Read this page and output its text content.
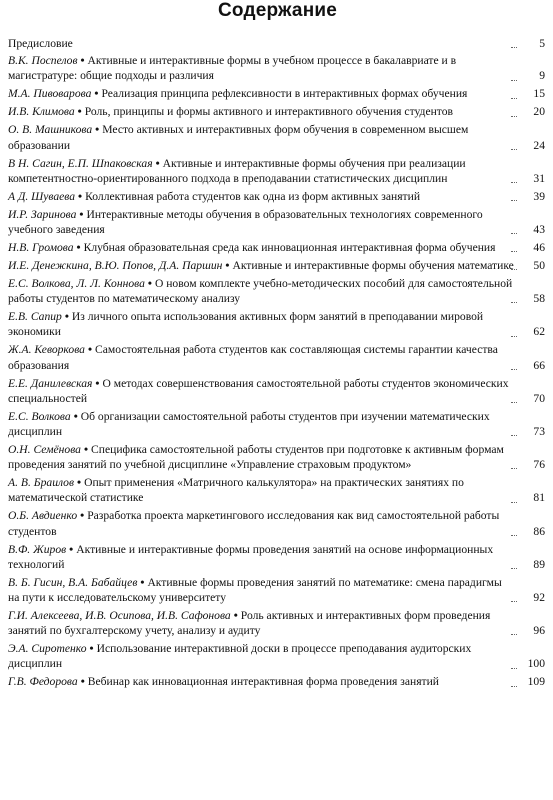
Содержание
Предисловие	5
В.К. Поспелов • Активные и интерактивные формы в учебном процессе в бакалавриате и в магистратуре: общие подходы и различия	9
М.А. Пивоварова • Реализация принципа рефлексивности в интерактивных формах обучения	15
И.В. Климова • Роль, принципы и формы активного и интерактивного обучения студентов	20
О. В. Машникова • Место активных и интерактивных форм обучения в современном высшем образовании	24
В Н. Сагин, Е.П. Шпаковская • Активные и интерактивные формы обучения при реализации компетентностно-ориентированного подхода в преподавании статистических дисциплин	31
А Д. Шуваева • Коллективная работа студентов как одна из форм активных занятий	39
И.Р. Заринова • Интерактивные методы обучения в образовательных технологиях современного учебного заведения	43
Н.В. Громова • Клубная образовательная среда как инновационная интерактивная форма обучения	46
И.Е. Денежкина, В.Ю. Попов, Д.А. Паршин • Активные и интерактивные формы обучения математике 50
Е.С. Волкова, Л. Л. Коннова • О новом комплекте учебно-методических пособий для самостоятельной работы студентов по математическому анализу	58
Е.В. Сапир • Из личного опыта использования активных форм занятий в преподавании мировой экономики	62
Ж.А. Кеворкова • Самостоятельная работа студентов как составляющая системы гарантии качества образования	66
Е.Е. Данилевская • О методах совершенствования самостоятельной работы студентов экономических специальностей	70
Е.С. Волкова • Об организации самостоятельной работы студентов при изучении математических дисциплин	73
О.Н. Семёнова • Специфика самостоятельной работы студентов при подготовке к активным формам проведения занятий по учебной дисциплине «Управление страховым продуктом»	76
А. В. Браилов • Опыт применения «Матричного калькулятора» на практических занятиях по математической статистике	81
О.Б. Авдиенко • Разработка проекта маркетингового исследования как вид самостоятельной работы студентов	86
В.Ф. Жиров • Активные и интерактивные формы проведения занятий на основе информационных технологий	89
В. Б. Гисин, В.А. Бабайцев • Активные формы проведения занятий по математике: смена парадигмы на пути к исследовательскому университету	92
Г.И. Алексеева, И.В. Осипова, И.В. Сафонова • Роль активных и интерактивных форм проведения занятий по бухгалтерскому учету, анализу и аудиту	96
Э.А. Сиротенко • Использование интерактивной доски в процессе преподавания аудиторских дисциплин	100
Г.В. Федорова • Вебинар как инновационная интерактивная форма проведения занятий	109
